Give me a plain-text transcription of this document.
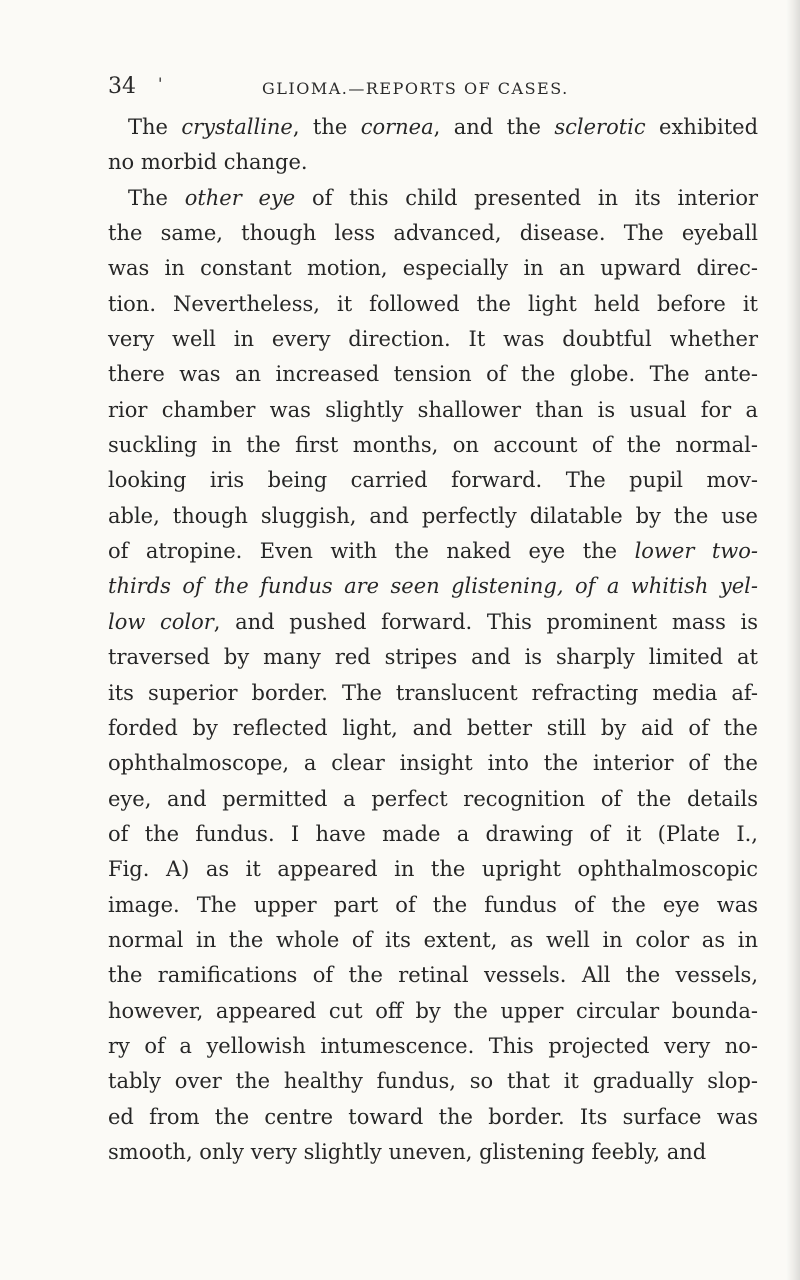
34 '	GLIOMA.—REPORTS OF CASES.
The crystalline, the cornea, and the sclerotic exhibited
no morbid change.
The other eye of this child presented in its interior
the same, though less advanced, disease. The eyeball
was in constant motion, especially in an upward direc-
tion. Nevertheless, it followed the light held before it
very well in every direction. It was doubtful whether
there was an increased tension of the globe. The ante-
rior chamber was slightly shallower than is usual for a
suckling in the first months, on account of the normal-
looking iris being carried forward. The pupil mov-
able, though sluggish, and perfectly dilatable by the use
of atropine. Even with the naked eye the lower two-
thirds of the fundus are seen glistening, of a whitish yel-
low color, and pushed forward. This prominent mass is
traversed by many red stripes and is sharply limited at
its superior border. The translucent refracting media af-
forded by reflected light, and better still by aid of the
ophthalmoscope, a clear insight into the interior of the
eye, and permitted a perfect recognition of the details
of the fundus. I have made a drawing of it (Plate I.,
Fig. A) as it appeared in the upright ophthalmoscopic
image. The upper part of the fundus of the eye was
normal in the whole of its extent, as well in color as in
the ramifications of the retinal vessels. All the vessels,
however, appeared cut off by the upper circular bounda-
ry of a yellowish intumescence. This projected very no-
tably over the healthy fundus, so that it gradually slop-
ed from the centre toward the border. Its surface was
smooth, only very slightly uneven, glistening feebly, and
